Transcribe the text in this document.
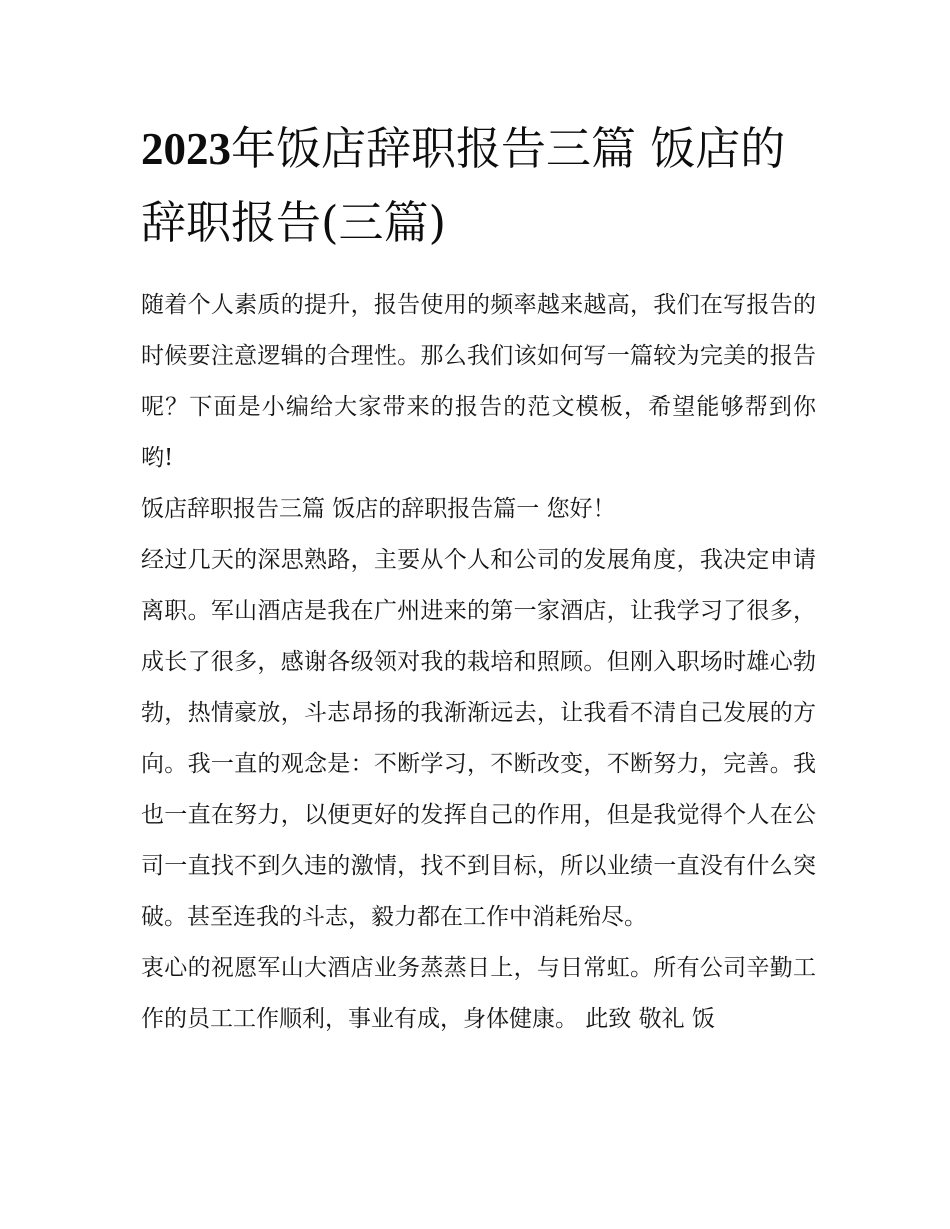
2023年饭店辞职报告三篇 饭店的辞职报告(三篇)

随着个人素质的提升，报告使用的频率越来越高，我们在写报告的时候要注意逻辑的合理性。那么我们该如何写一篇较为完美的报告呢？下面是小编给大家带来的报告的范文模板，希望能够帮到你哟!

饭店辞职报告三篇 饭店的辞职报告篇一 您好！

经过几天的深思熟路，主要从个人和公司的发展角度，我决定申请离职。军山酒店是我在广州进来的第一家酒店，让我学习了很多，成长了很多，感谢各级领对我的栽培和照顾。但刚入职场时雄心勃勃，热情豪放，斗志昂扬的我渐渐远去，让我看不清自己发展的方向。我一直的观念是：不断学习，不断改变，不断努力，完善。我也一直在努力，以便更好的发挥自己的作用，但是我觉得个人在公司一直找不到久违的激情，找不到目标，所以业绩一直没有什么突破。甚至连我的斗志，毅力都在工作中消耗殆尽。

衷心的祝愿军山大酒店业务蒸蒸日上，与日常虹。所有公司辛勤工作的员工工作顺利，事业有成，身体健康。 此致 敬礼 饭
